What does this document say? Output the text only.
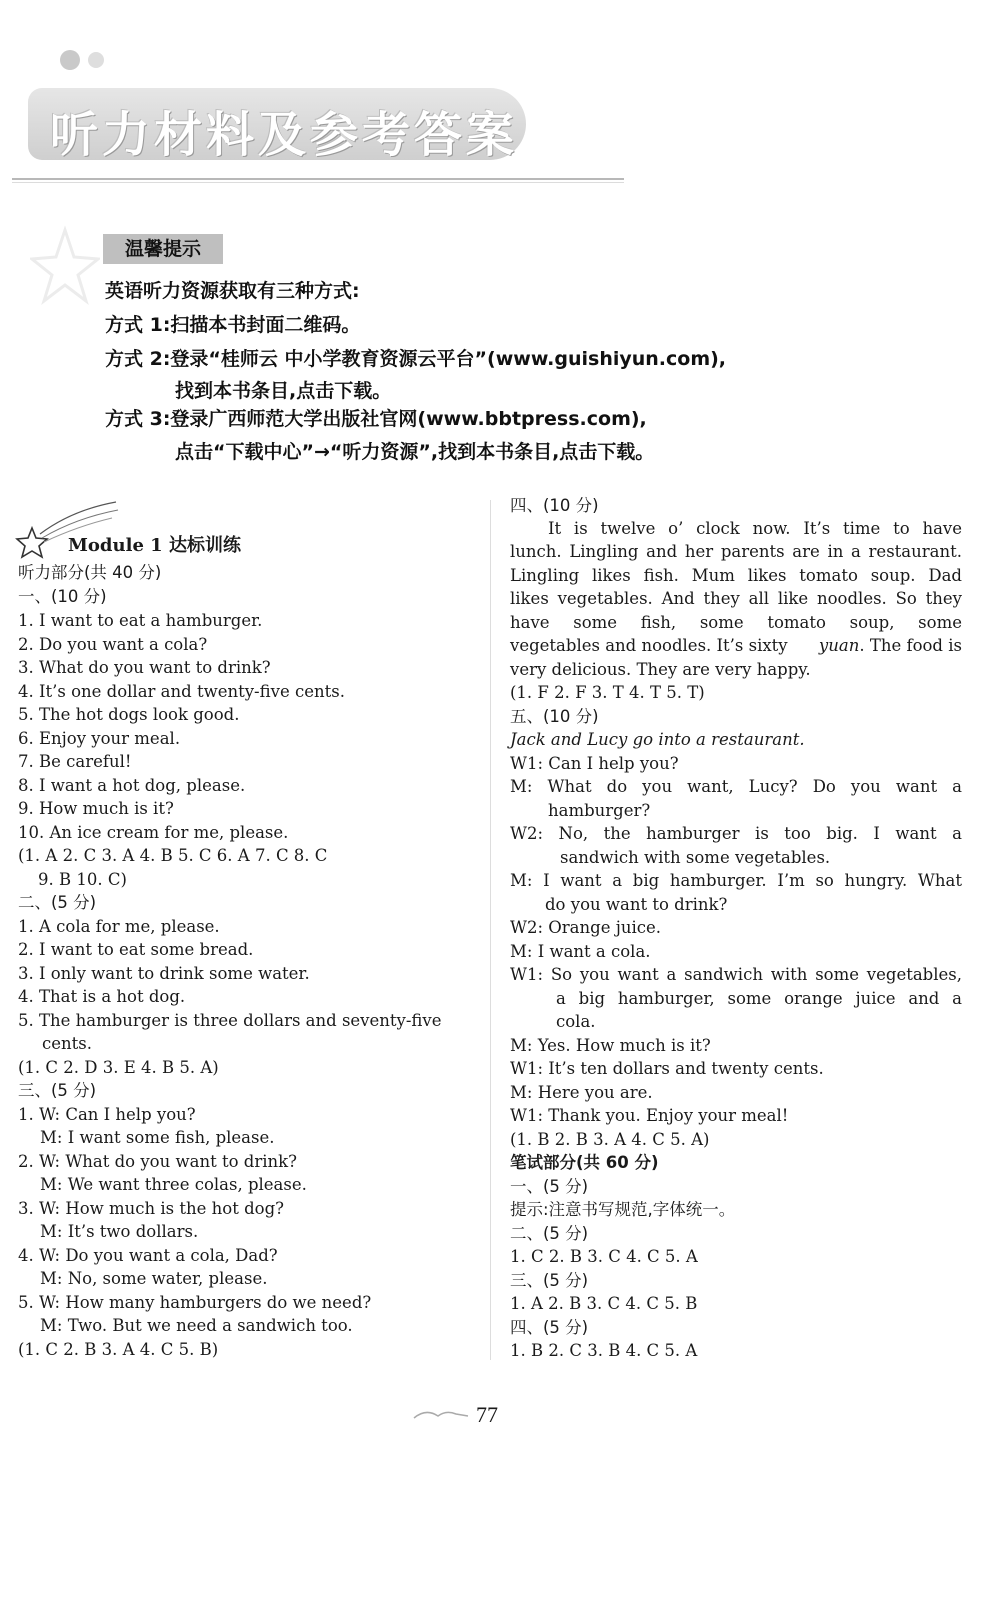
听力材料及参考答案
温馨提示
英语听力资源获取有三种方式:
方式 1:扫描本书封面二维码。
方式 2:登录“桂师云 中小学教育资源云平台”(www.guishiyun.com),
找到本书条目,点击下载。
方式 3:登录广西师范大学出版社官网(www.bbtpress.com),
点击“下载中心”→“听力资源”,找到本书条目,点击下载。
Module 1 达标训练
听力部分(共 40 分)
一、(10 分)
1. I want to eat a hamburger.
2. Do you want a cola?
3. What do you want to drink?
4. It’s one dollar and twenty-five cents.
5. The hot dogs look good.
6. Enjoy your meal.
7. Be careful!
8. I want a hot dog, please.
9. How much is it?
10. An ice cream for me, please.
(1. A 2. C 3. A 4. B 5. C 6. A 7. C 8. C
9. B 10. C)
二、(5 分)
1. A cola for me, please.
2. I want to eat some bread.
3. I only want to drink some water.
4. That is a hot dog.
5. The hamburger is three dollars and seventy-five
cents.
(1. C 2. D 3. E 4. B 5. A)
三、(5 分)
1. W: Can I help you?
M: I want some fish, please.
2. W: What do you want to drink?
M: We want three colas, please.
3. W: How much is the hot dog?
M: It’s two dollars.
4. W: Do you want a cola, Dad?
M: No, some water, please.
5. W: How many hamburgers do we need?
M: Two. But we need a sandwich too.
(1. C 2. B 3. A 4. C 5. B)
四、(10 分)
It is twelve o’ clock now. It’s time to have
lunch. Lingling and her parents are in a restaurant.
Lingling likes fish. Mum likes tomato soup. Dad
likes vegetables. And they all like noodles. So they
have some fish, some tomato soup, some
vegetables and noodles. It’s sixty yuan. The food is
very delicious. They are very happy.
(1. F 2. F 3. T 4. T 5. T)
五、(10 分)
Jack and Lucy go into a restaurant.
W1: Can I help you?
M: What do you want, Lucy? Do you want a
hamburger?
W2: No, the hamburger is too big. I want a
sandwich with some vegetables.
M: I want a big hamburger. I’m so hungry. What
do you want to drink?
W2: Orange juice.
M: I want a cola.
W1: So you want a sandwich with some vegetables,
a big hamburger, some orange juice and a
cola.
M: Yes. How much is it?
W1: It’s ten dollars and twenty cents.
M: Here you are.
W1: Thank you. Enjoy your meal!
(1. B 2. B 3. A 4. C 5. A)
笔试部分(共 60 分)
一、(5 分)
提示:注意书写规范,字体统一。
二、(5 分)
1. C 2. B 3. C 4. C 5. A
三、(5 分)
1. A 2. B 3. C 4. C 5. B
四、(5 分)
1. B 2. C 3. B 4. C 5. A
77
